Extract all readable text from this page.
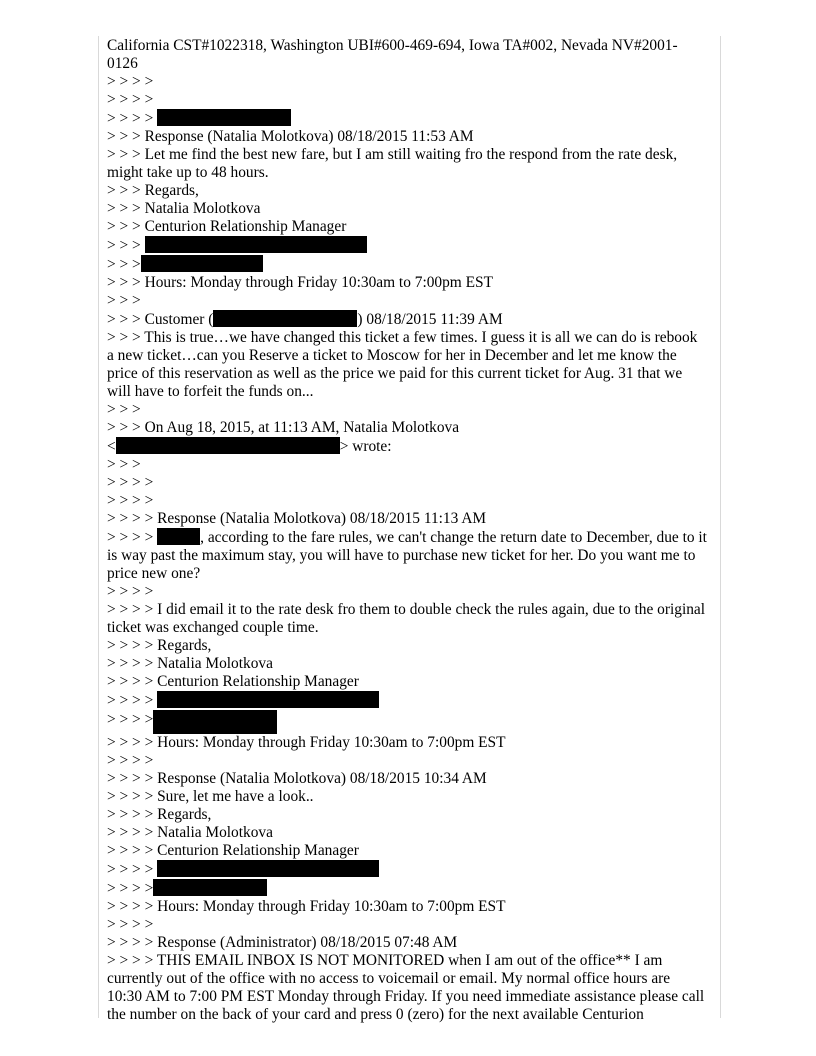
California CST#1022318, Washington UBI#600-469-694, Iowa TA#002, Nevada NV#2001-0126
> > > >
> > > >
> > > >
> > > Response (Natalia Molotkova) 08/18/2015 11:53 AM
> > > Let me find the best new fare, but I am still waiting fro the respond from the rate desk, might take up to 48 hours.
> > > Regards,
> > > Natalia Molotkova
> > > Centurion Relationship Manager
> > >
> > >
> > > Hours: Monday through Friday 10:30am to 7:00pm EST
> > >
> > > Customer (	) 08/18/2015 11:39 AM
> > > This is true…we have changed this ticket a few times. I guess it is all we can do is rebook a new ticket…can you Reserve a ticket to Moscow for her in December and let me know the price of this reservation as well as the price we paid for this current ticket for Aug. 31 that we will have to forfeit the funds on...
> > >
> > > On Aug 18, 2015, at 11:13 AM, Natalia Molotkova
<	> wrote:
> > >
> > > >
> > > >
> > > > Response (Natalia Molotkova) 08/18/2015 11:13 AM
> > > >	, according to the fare rules, we can't change the return date to December, due to it is way past the maximum stay, you will have to purchase new ticket for her. Do you want me to price new one?
> > > >
> > > > I did email it to the rate desk fro them to double check the rules again, due to the original ticket was exchanged couple time.
> > > > Regards,
> > > > Natalia Molotkova
> > > > Centurion Relationship Manager
> > > >
> > > >
> > > > Hours: Monday through Friday 10:30am to 7:00pm EST
> > > >
> > > > Response (Natalia Molotkova) 08/18/2015 10:34 AM
> > > > Sure, let me have a look..
> > > > Regards,
> > > > Natalia Molotkova
> > > > Centurion Relationship Manager
> > > >
> > > >
> > > > Hours: Monday through Friday 10:30am to 7:00pm EST
> > > >
> > > > Response (Administrator) 08/18/2015 07:48 AM
> > > > THIS EMAIL INBOX IS NOT MONITORED when I am out of the office** I am currently out of the office with no access to voicemail or email. My normal office hours are 10:30 AM to 7:00 PM EST Monday through Friday. If you need immediate assistance please call the number on the back of your card and press 0 (zero) for the next available Centurion
